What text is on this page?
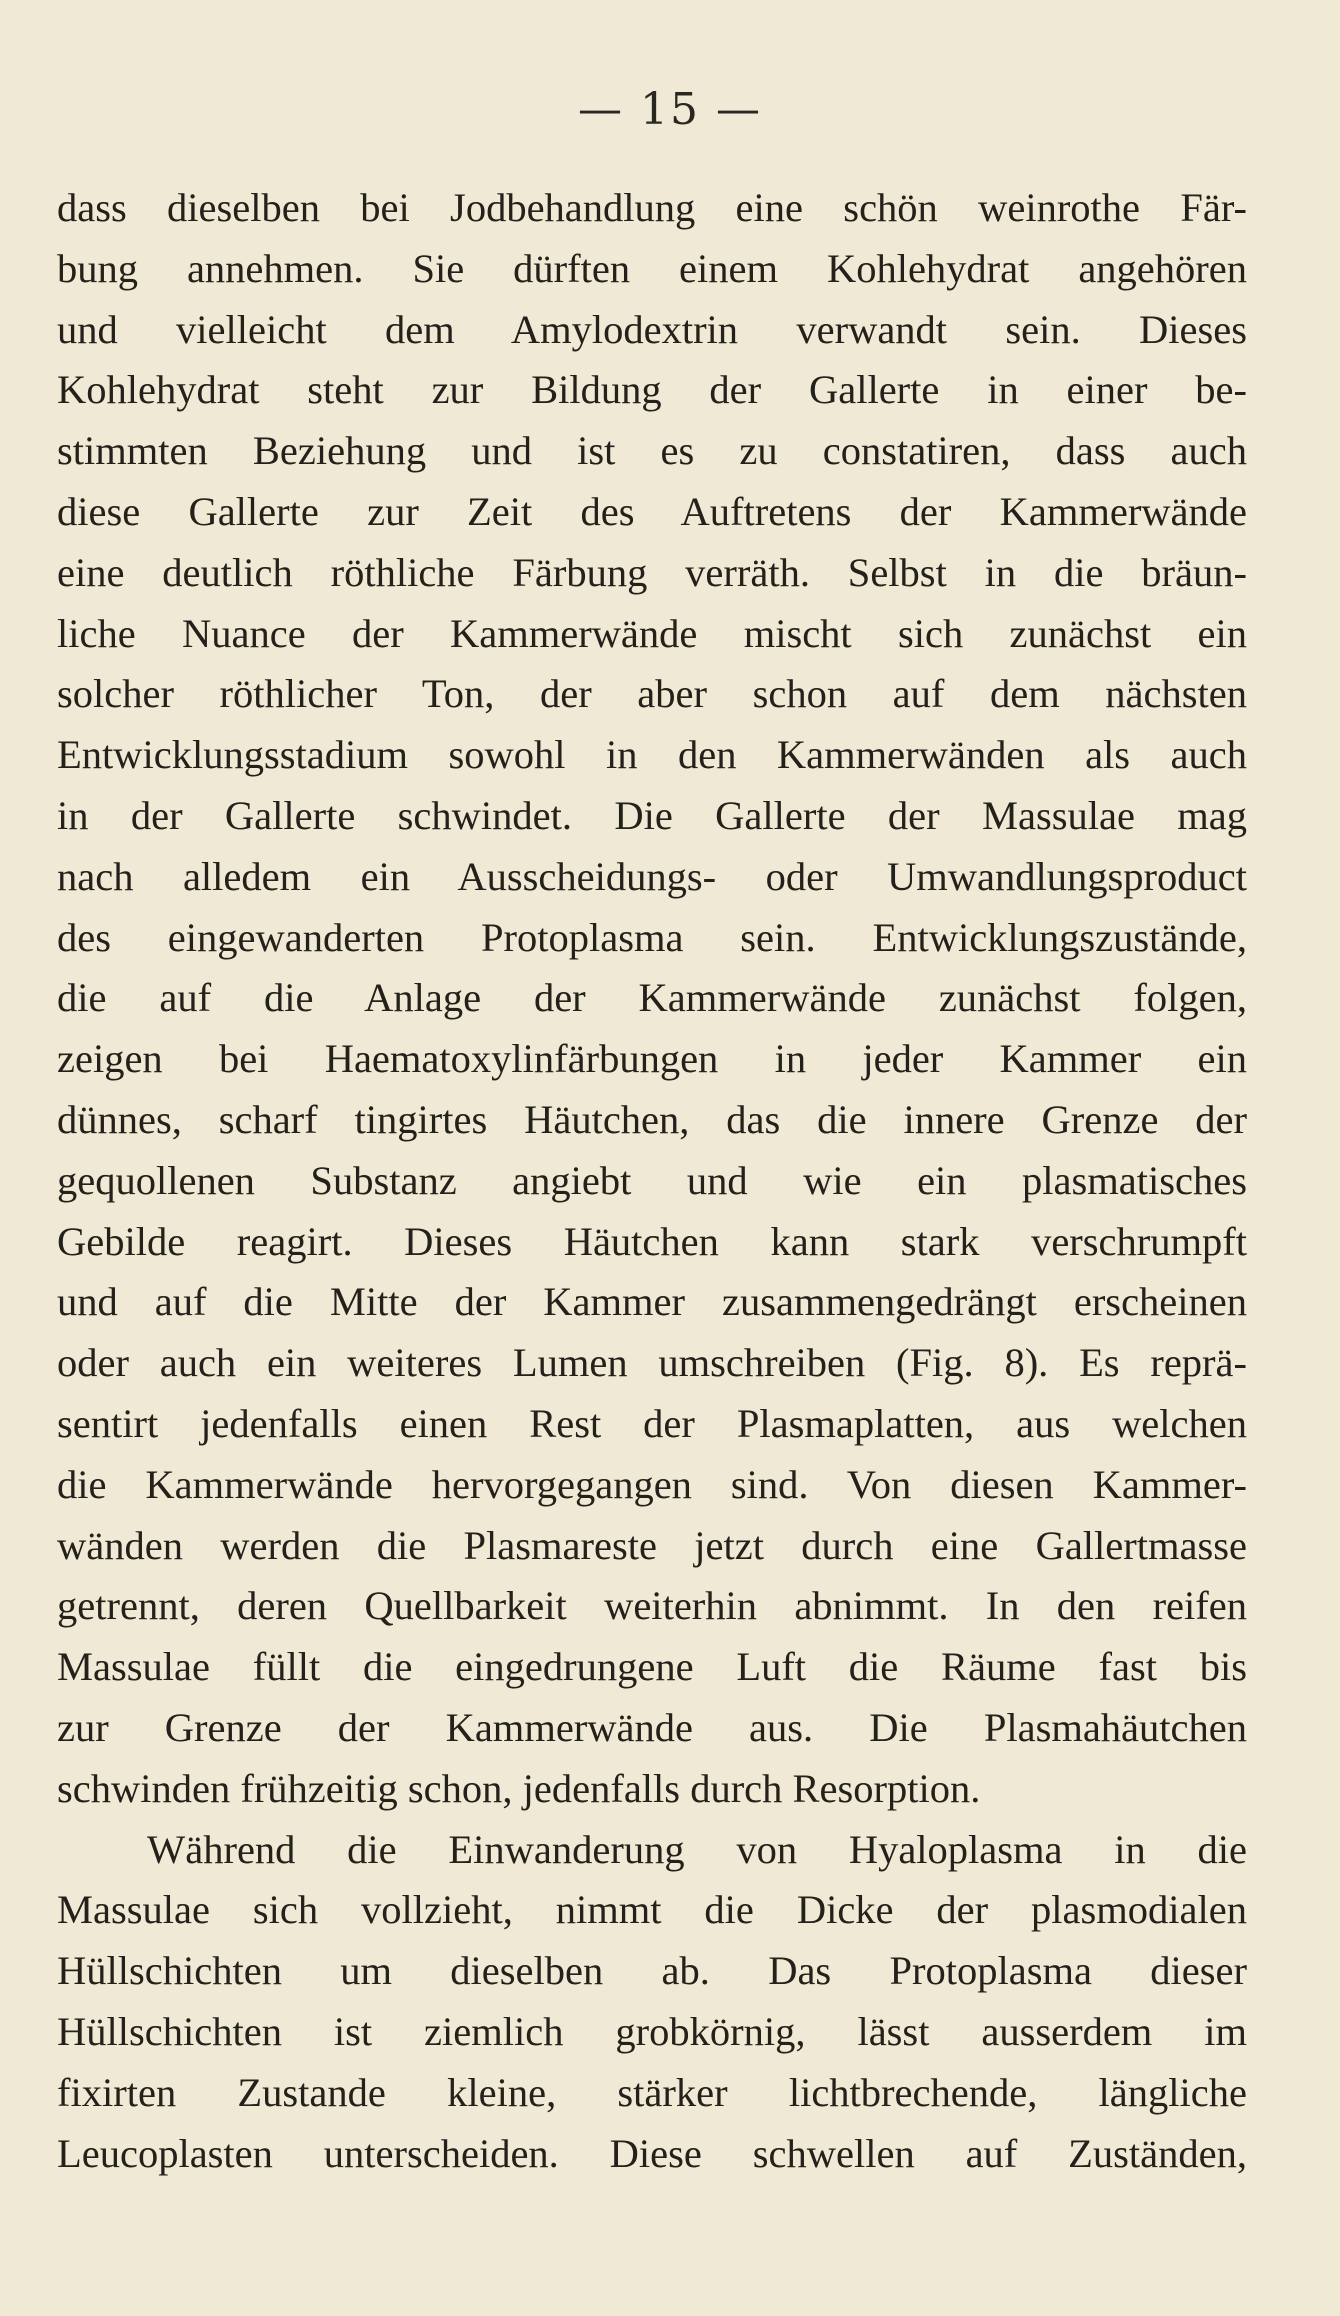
— 15 —
dass dieselben bei Jodbehandlung eine schön weinrothe Fär-
bung annehmen. Sie dürften einem Kohlehydrat angehören
und vielleicht dem Amylodextrin verwandt sein. Dieses
Kohlehydrat steht zur Bildung der Gallerte in einer be-
stimmten Beziehung und ist es zu constatiren, dass auch
diese Gallerte zur Zeit des Auftretens der Kammerwände
eine deutlich röthliche Färbung verräth. Selbst in die bräun-
liche Nuance der Kammerwände mischt sich zunächst ein
solcher röthlicher Ton, der aber schon auf dem nächsten
Entwicklungsstadium sowohl in den Kammerwänden als auch
in der Gallerte schwindet. Die Gallerte der Massulae mag
nach alledem ein Ausscheidungs- oder Umwandlungsproduct
des eingewanderten Protoplasma sein. Entwicklungszustände,
die auf die Anlage der Kammerwände zunächst folgen,
zeigen bei Haematoxylinfärbungen in jeder Kammer ein
dünnes, scharf tingirtes Häutchen, das die innere Grenze der
gequollenen Substanz angiebt und wie ein plasmatisches
Gebilde reagirt. Dieses Häutchen kann stark verschrumpft
und auf die Mitte der Kammer zusammengedrängt erscheinen
oder auch ein weiteres Lumen umschreiben (Fig. 8). Es reprä-
sentirt jedenfalls einen Rest der Plasmaplatten, aus welchen
die Kammerwände hervorgegangen sind. Von diesen Kammer-
wänden werden die Plasmareste jetzt durch eine Gallertmasse
getrennt, deren Quellbarkeit weiterhin abnimmt. In den reifen
Massulae füllt die eingedrungene Luft die Räume fast bis
zur Grenze der Kammerwände aus. Die Plasmahäutchen
schwinden frühzeitig schon, jedenfalls durch Resorption.
Während die Einwanderung von Hyaloplasma in die
Massulae sich vollzieht, nimmt die Dicke der plasmodialen
Hüllschichten um dieselben ab. Das Protoplasma dieser
Hüllschichten ist ziemlich grobkörnig, lässt ausserdem im
fixirten Zustande kleine, stärker lichtbrechende, längliche
Leucoplasten unterscheiden. Diese schwellen auf Zuständen,
